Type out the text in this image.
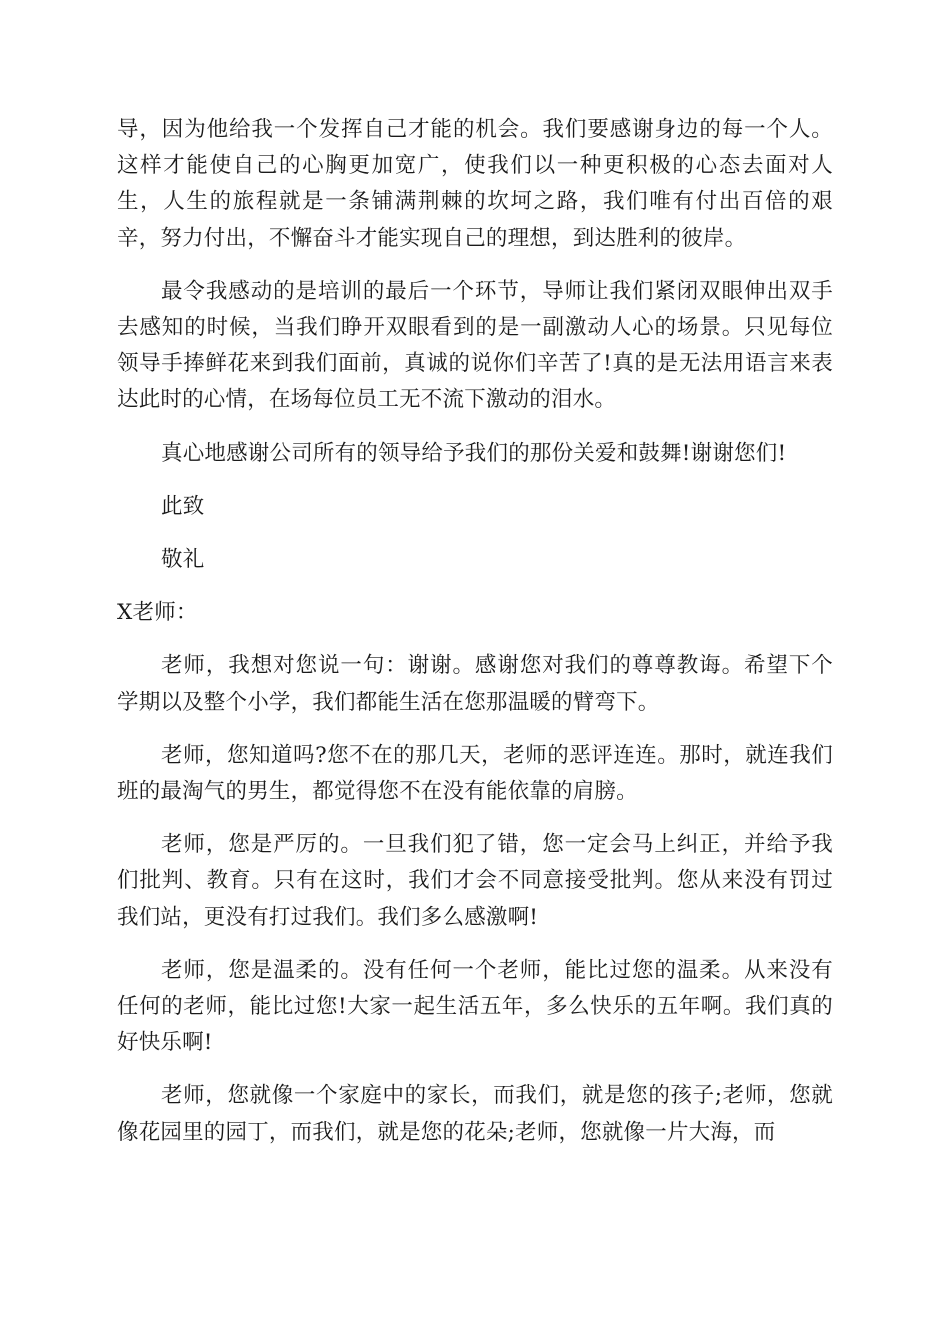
导，因为他给我一个发挥自己才能的机会。我们要感谢身边的每一个人。这样才能使自己的心胸更加宽广，使我们以一种更积极的心态去面对人生，人生的旅程就是一条铺满荆棘的坎坷之路，我们唯有付出百倍的艰辛，努力付出，不懈奋斗才能实现自己的理想，到达胜利的彼岸。

最令我感动的是培训的最后一个环节，导师让我们紧闭双眼伸出双手去感知的时候，当我们睁开双眼看到的是一副激动人心的场景。只见每位领导手捧鲜花来到我们面前，真诚的说你们辛苦了!真的是无法用语言来表达此时的心情，在场每位员工无不流下激动的泪水。

真心地感谢公司所有的领导给予我们的那份关爱和鼓舞!谢谢您们!

此致

敬礼

X老师：

老师，我想对您说一句：谢谢。感谢您对我们的尊尊教诲。希望下个学期以及整个小学，我们都能生活在您那温暖的臂弯下。

老师，您知道吗?您不在的那几天，老师的恶评连连。那时，就连我们班的最淘气的男生，都觉得您不在没有能依靠的肩膀。

老师，您是严厉的。一旦我们犯了错，您一定会马上纠正，并给予我们批判、教育。只有在这时，我们才会不同意接受批判。您从来没有罚过我们站，更没有打过我们。我们多么感激啊!

老师，您是温柔的。没有任何一个老师，能比过您的温柔。从来没有任何的老师，能比过您!大家一起生活五年，多么快乐的五年啊。我们真的好快乐啊!

老师，您就像一个家庭中的家长，而我们，就是您的孩子;老师，您就像花园里的园丁，而我们，就是您的花朵;老师，您就像一片大海，而
